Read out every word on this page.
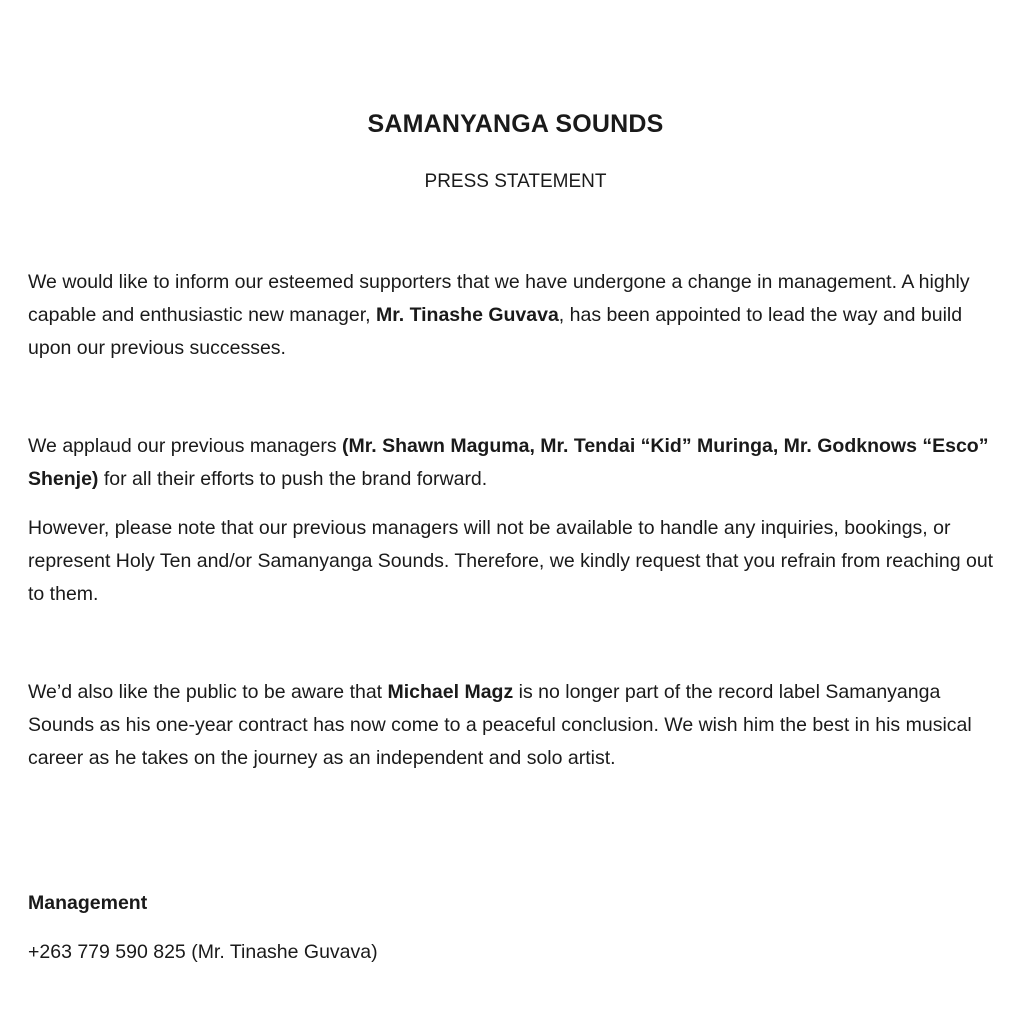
SAMANYANGA SOUNDS

PRESS STATEMENT

We would like to inform our esteemed supporters that we have undergone a change in management. A highly capable and enthusiastic new manager, Mr. Tinashe Guvava, has been appointed to lead the way and build upon our previous successes.

We applaud our previous managers (Mr. Shawn Maguma, Mr. Tendai “Kid” Muringa, Mr. Godknows “Esco” Shenje) for all their efforts to push the brand forward.

However, please note that our previous managers will not be available to handle any inquiries, bookings, or represent Holy Ten and/or Samanyanga Sounds. Therefore, we kindly request that you refrain from reaching out to them.

We’d also like the public to be aware that Michael Magz is no longer part of the record label Samanyanga Sounds as his one-year contract has now come to a peaceful conclusion. We wish him the best in his musical career as he takes on the journey as an independent and solo artist.

Management

+263 779 590 825 (Mr. Tinashe Guvava)
